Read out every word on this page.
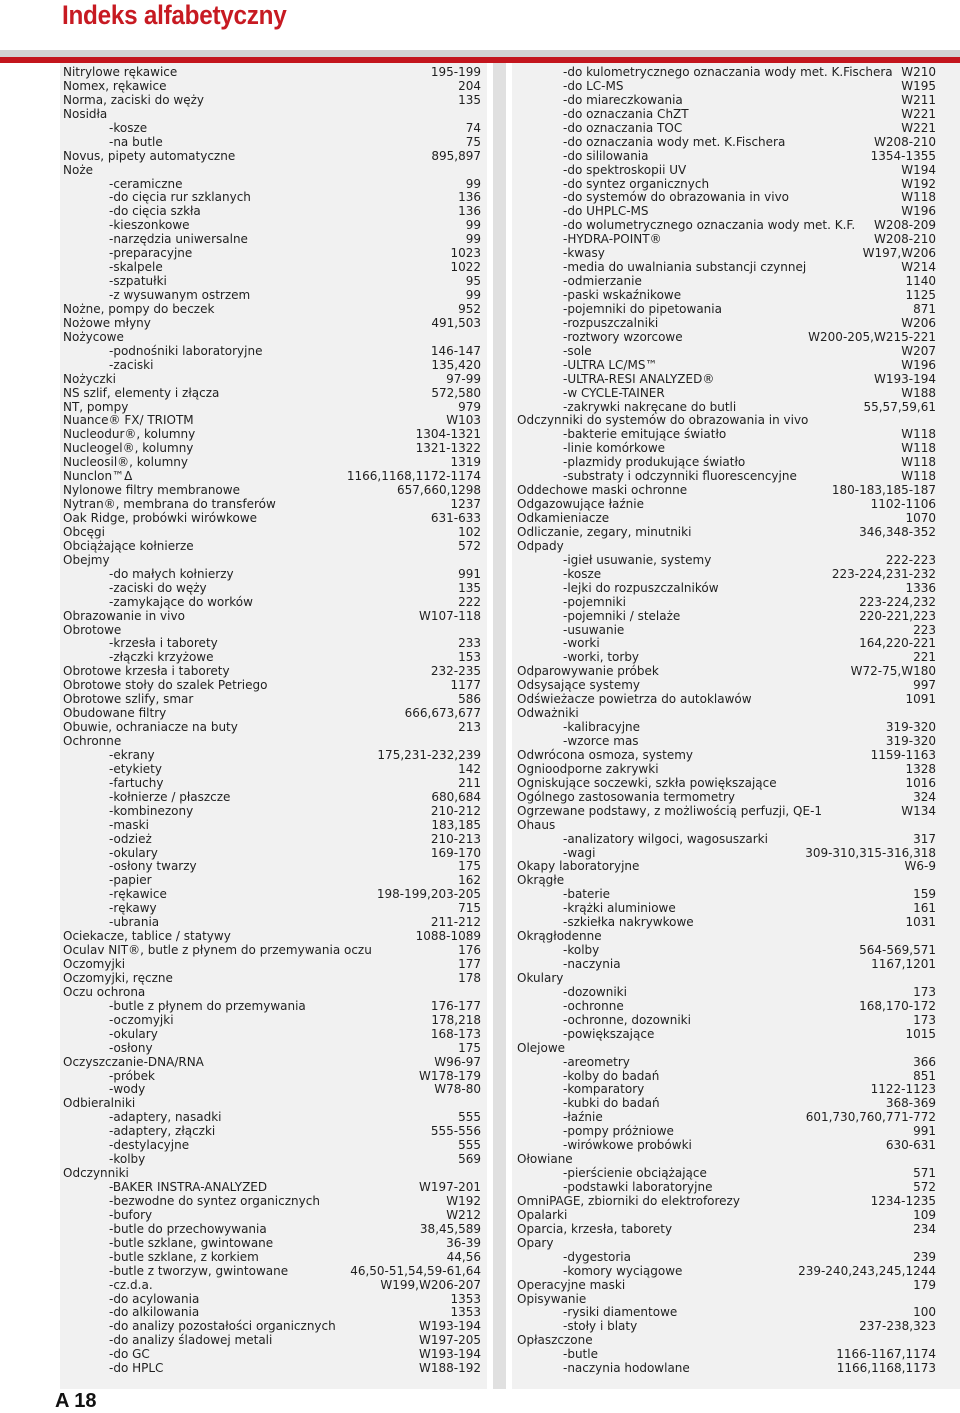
Indeks alfabetyczny
Nitrylowe rękawice	195-199
Nomex, rękawice	204
Norma, zaciski do węży	135
Nosidła
-kosze	74
-na butle	75
Novus, pipety automatyczne	895,897
Noże
-ceramiczne	99
-do cięcia rur szklanych	136
-do cięcia szkła	136
-kieszonkowe	99
-narzędzia uniwersalne	99
-preparacyjne	1023
-skalpele	1022
-szpatułki	95
-z wysuwanym ostrzem	99
Nożne, pompy do beczek	952
Nożowe młyny	491,503
Nożycowe
-podnośniki laboratoryjne	146-147
-zaciski	135,420
Nożyczki	97-99
NS szlif, elementy i złącza	572,580
NT, pompy	979
Nuance® FX/ TRIOTM	W103
Nucleodur®, kolumny	1304-1321
Nucleogel®, kolumny	1321-1322
Nucleosil®, kolumny	1319
Nunclon™Δ	1166,1168,1172-1174
Nylonowe filtry membranowe	657,660,1298
Nytran®, membrana do transferów	1237
Oak Ridge, probówki wirówkowe	631-633
Obcęgi	102
Obciążające kołnierze	572
Obejmy
-do małych kołnierzy	991
-zaciski do węży	135
-zamykające do worków	222
Obrazowanie in vivo	W107-118
Obrotowe
-krzesła i taborety	233
-złączki krzyżowe	153
Obrotowe krzesła i taborety	232-235
Obrotowe stoły do szalek Petriego	1177
Obrotowe szlify, smar	586
Obudowane filtry	666,673,677
Obuwie, ochraniacze na buty	213
Ochronne
-ekrany	175,231-232,239
-etykiety	142
-fartuchy	211
-kołnierze / płaszcze	680,684
-kombinezony	210-212
-maski	183,185
-odzież	210-213
-okulary	169-170
-osłony twarzy	175
-papier	162
-rękawice	198-199,203-205
-rękawy	715
-ubrania	211-212
Ociekacze, tablice / statywy	1088-1089
Oculav NIT®, butle z płynem do przemywania oczu	176
Oczomyjki	177
Oczomyjki, ręczne	178
Oczu ochrona
-butle z płynem do przemywania	176-177
-oczomyjki	178,218
-okulary	168-173
-osłony	175
Oczyszczanie-DNA/RNA	W96-97
-próbek	W178-179
-wody	W78-80
Odbieralniki
-adaptery, nasadki	555
-adaptery, złączki	555-556
-destylacyjne	555
-kolby	569
Odczynniki
-BAKER INSTRA-ANALYZED	W197-201
-bezwodne do syntez organicznych	W192
-bufory	W212
-butle do przechowywania	38,45,589
-butle szklane, gwintowane	36-39
-butle szklane, z korkiem	44,56
-butle z tworzyw, gwintowane	46,50-51,54,59-61,64
-cz.d.a.	W199,W206-207
-do acylowania	1353
-do alkilowania	1353
-do analizy pozostałości organicznych	W193-194
-do analizy śladowej metali	W197-205
-do GC	W193-194
-do HPLC	W188-192
-do kulometrycznego oznaczania wody met. K.Fischera W210
-do LC-MS	W195
-do miareczkowania	W211
-do oznaczania ChZT	W221
-do oznaczania TOC	W221
-do oznaczania wody met. K.Fischera	W208-210
-do sililowania	1354-1355
-do spektroskopii UV	W194
-do syntez organicznych	W192
-do systemów do obrazowania in vivo	W118
-do UHPLC-MS	W196
-do wolumetrycznego oznaczania wody met. K.F. W208-209
-HYDRA-POINT®	W208-210
-kwasy	W197,W206
-media do uwalniania substancji czynnej	W214
-odmierzanie	1140
-paski wskaźnikowe	1125
-pojemniki do pipetowania	871
-rozpuszczalniki	W206
-roztwory wzorcowe	W200-205,W215-221
-sole	W207
-ULTRA LC/MS™	W196
-ULTRA-RESI ANALYZED®	W193-194
-w CYCLE-TAINER	W188
-zakrywki nakręcane do butli	55,57,59,61
Odczynniki do systemów do obrazowania in vivo
-bakterie emitujące światło	W118
-linie komórkowe	W118
-plazmidy produkujące światło	W118
-substraty i odczynniki fluorescencyjne	W118
Oddechowe maski ochronne	180-183,185-187
Odgazowujące łaźnie	1102-1106
Odkamieniacze	1070
Odliczanie, zegary, minutniki	346,348-352
Odpady
-igieł usuwanie, systemy	222-223
-kosze	223-224,231-232
-lejki do rozpuszczalników	1336
-pojemniki	223-224,232
-pojemniki / stelaże	220-221,223
-usuwanie	223
-worki	164,220-221
-worki, torby	221
Odparowywanie próbek	W72-75,W180
Odsysające systemy	997
Odświeżacze powietrza do autoklawów	1091
Odważniki
-kalibracyjne	319-320
-wzorce mas	319-320
Odwrócona osmoza, systemy	1159-1163
Ognioodporne zakrywki	1328
Ogniskujące soczewki, szkła powiększające	1016
Ogólnego zastosowania termometry	324
Ogrzewane podstawy, z możliwością perfuzji, QE-1	W134
Ohaus
-analizatory wilgoci, wagosuszarki	317
-wagi	309-310,315-316,318
Okapy laboratoryjne	W6-9
Okrągłe
-baterie	159
-krążki aluminiowe	161
-szkiełka nakrywkowe	1031
Okrągłodenne
-kolby	564-569,571
-naczynia	1167,1201
Okulary
-dozowniki	173
-ochronne	168,170-172
-ochronne, dozowniki	173
-powiększające	1015
Olejowe
-areometry	366
-kolby do badań	851
-komparatory	1122-1123
-kubki do badań	368-369
-łaźnie	601,730,760,771-772
-pompy próżniowe	991
-wirówkowe probówki	630-631
Ołowiane
-pierścienie obciążające	571
-podstawki laboratoryjne	572
OmniPAGE, zbiorniki do elektroforezy	1234-1235
Opalarki	109
Oparcia, krzesła, taborety	234
Opary
-dygestoria	239
-komory wyciągowe	239-240,243,245,1244
Operacyjne maski	179
Opisywanie
-rysiki diamentowe	100
-stoły i blaty	237-238,323
Opłaszczone
-butle	1166-1167,1174
-naczynia hodowlane	1166,1168,1173
A 18
